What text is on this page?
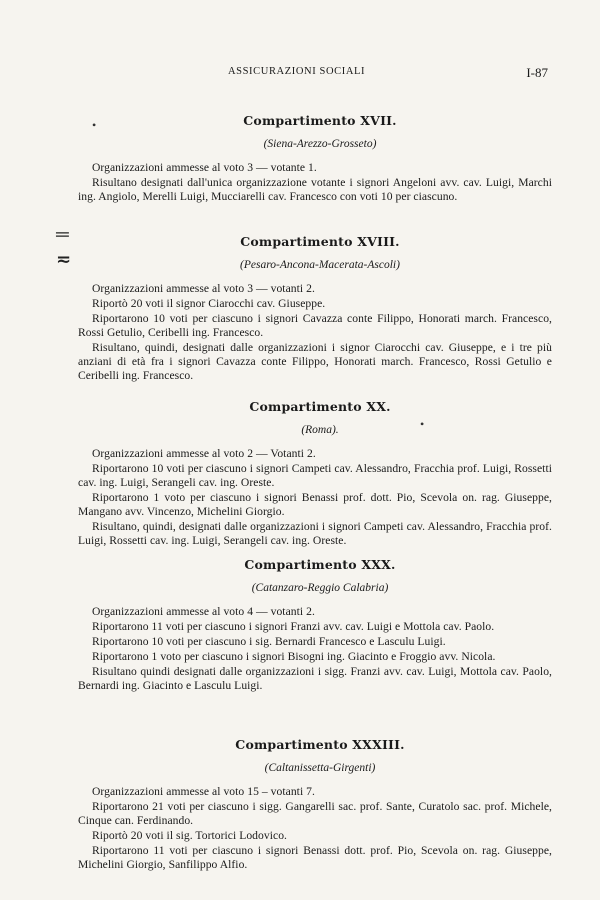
ASSICURAZIONI SOCIALI	I-87
═
≂
•
•
Compartimento XVII.
(Siena-Arezzo-Grosseto)

Organizzazioni ammesse al voto 3 — votante 1.

Risultano designati dall'unica organizzazione votante i signori Angeloni avv. cav. Luigi, Marchi ing. Angiolo, Merelli Luigi, Mucciarelli cav. Francesco con voti 10 per ciascuno.

Compartimento XVIII.
(Pesaro-Ancona-Macerata-Ascoli)

Organizzazioni ammesse al voto 3 — votanti 2.

Riportò 20 voti il signor Ciarocchi cav. Giuseppe.

Riportarono 10 voti per ciascuno i signori Cavazza conte Filippo, Honorati march. Francesco, Rossi Getulio, Ceribelli ing. Francesco.

Risultano, quindi, designati dalle organizzazioni i signor Ciarocchi cav. Giuseppe, e i tre più anziani di età fra i signori Cavazza conte Filippo, Honorati march. Francesco, Rossi Getulio e Ceribelli ing. Francesco.

Compartimento XX.
(Roma).

Organizzazioni ammesse al voto 2 — Votanti 2.

Riportarono 10 voti per ciascuno i signori Campeti cav. Alessandro, Fracchia prof. Luigi, Rossetti cav. ing. Luigi, Serangeli cav. ing. Oreste.

Riportarono 1 voto per ciascuno i signori Benassi prof. dott. Pio, Scevola on. rag. Giuseppe, Mangano avv. Vincenzo, Michelini Giorgio.

Risultano, quindi, designati dalle organizzazioni i signori Campeti cav. Alessandro, Fracchia prof. Luigi, Rossetti cav. ing. Luigi, Serangeli cav. ing. Oreste.

Compartimento XXX.
(Catanzaro-Reggio Calabria)

Organizzazioni ammesse al voto 4 — votanti 2.

Riportarono 11 voti per ciascuno i signori Franzi avv. cav. Luigi e Mottola cav. Paolo.

Riportarono 10 voti per ciascuno i sig. Bernardi Francesco e Lasculu Luigi.

Riportarono 1 voto per ciascuno i signori Bisogni ing. Giacinto e Froggio avv. Nicola.

Risultano quindi designati dalle organizzazioni i sigg. Franzi avv. cav. Luigi, Mottola cav. Paolo, Bernardi ing. Giacinto e Lasculu Luigi.

Compartimento XXXIII.
(Caltanissetta-Girgenti)

Organizzazioni ammesse al voto 15 – votanti 7.

Riportarono 21 voti per ciascuno i sigg. Gangarelli sac. prof. Sante, Curatolo sac. prof. Michele, Cinque can. Ferdinando.

Riportò 20 voti il sig. Tortorici Lodovico.

Riportarono 11 voti per ciascuno i signori Benassi dott. prof. Pio, Scevola on. rag. Giuseppe, Michelini Giorgio, Sanfilippo Alfio.
